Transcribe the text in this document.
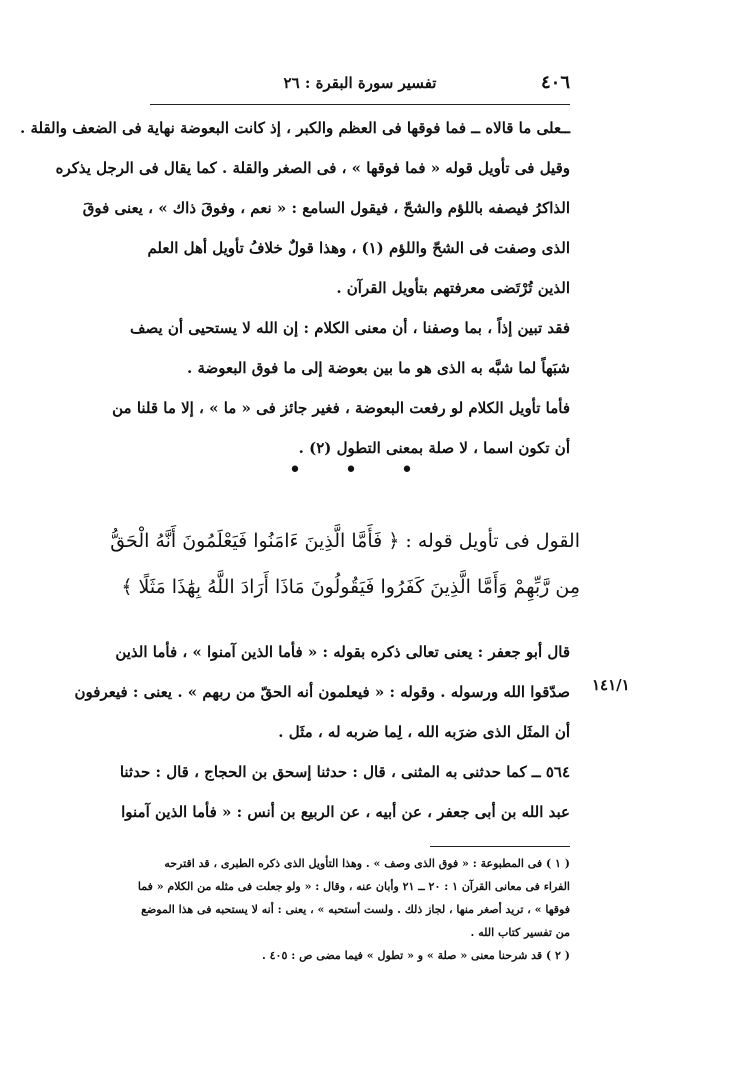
٤٠٦
تفسير سورة البقرة : ٢٦
ــعلى ما قالاه ــ فما فوقها فى العظم والكبر ، إذ كانت البعوضة نهاية فى الضعف والقلة .
وقيل فى تأويل قوله « فما فوقها » ، فى الصغر والقلة . كما يقال فى الرجل يذكره
الذاكرُ فيصفه باللؤم والشحّ ، فيقول السامع : « نعم ، وفوقَ ذاك » ، يعنى فوقَ
الذى وصفت فى الشحّ واللؤم (١) ، وهذا قولٌ خلافُ تأويل أهل العلم
الذين تُرْتَضى معرفتهم بتأويل القرآن .
فقد تبين إذاً ، بما وصفنا ، أن معنى الكلام : إن الله لا يستحيى أن يصف
شبَهاً لما شبَّه به الذى هو ما بين بعوضة إلى ما فوق البعوضة .
فأما تأويل الكلام لو رفعت البعوضة ، فغير جائز فى « ما » ، إلا ما قلنا من
أن تكون اسما ، لا صلة بمعنى التطول (٢) .
• • •
القول فى تأويل قوله : ﴿ فَأَمَّا الَّذِينَ ءَامَنُوا فَيَعْلَمُونَ أَنَّهُ الْحَقُّ
مِن رَّبِّهِمْ وَأَمَّا الَّذِينَ كَفَرُوا فَيَقُولُونَ مَاذَا أَرَادَ اللَّهُ بِهَٰذَا مَثَلًا ﴾
قال أبو جعفر : يعنى تعالى ذكره بقوله : « فأما الذين آمنوا » ، فأما الذين
صدّقوا الله ورسوله . وقوله : « فيعلمون أنه الحقّ من ربهم » . يعنى : فيعرفون
أن المثَل الذى ضرَبه الله ، لِما ضربه له ، مثَل .
٥٦٤ ــ كما حدثنى به المثنى ، قال : حدثنا إسحق بن الحجاج ، قال : حدثنا
عبد الله بن أبى جعفر ، عن أبيه ، عن الربيع بن أنس : « فأما الذين آمنوا
١٤١/١
( ١ ) فى المطبوعة : « فوق الذى وصف » . وهذا التأويل الذى ذكره الطبرى ، قد اقترحه
الفراء فى معانى القرآن ١ : ٢٠ ــ ٢١ وأبان عنه ، وقال : « ولو جعلت فى مثله من الكلام « فما
فوقها » ، تريد أصغر منها ، لجاز ذلك . ولست أستحبه » ، يعنى : أنه لا يستحبه فى هذا الموضع
من تفسير كتاب الله .
( ٢ ) قد شرحنا معنى « صلة » و « تطول » فيما مضى ص : ٤٠٥ .
